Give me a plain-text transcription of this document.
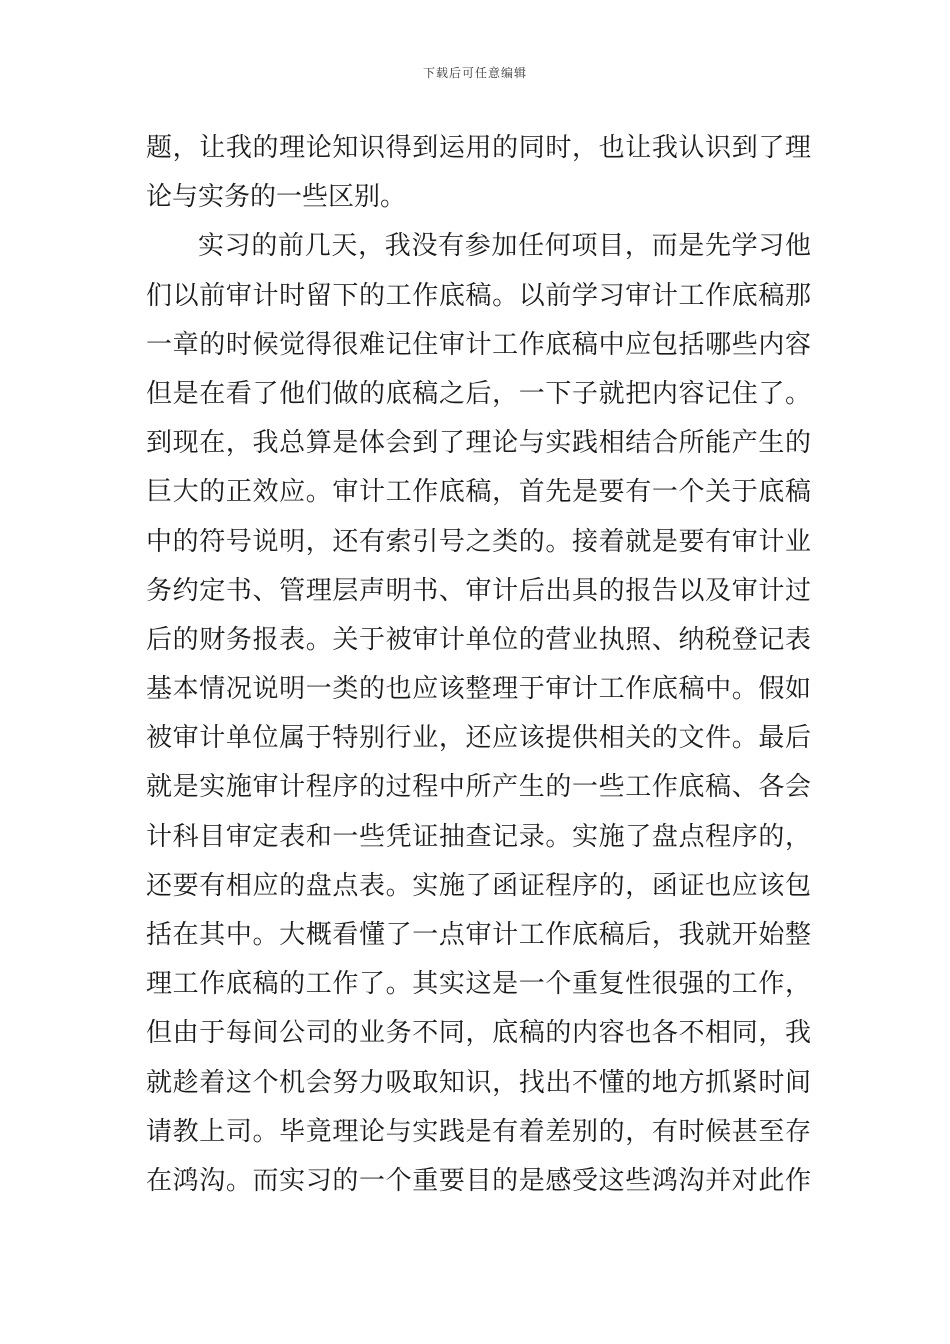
下载后可任意编辑
题，让我的理论知识得到运用的同时，也让我认识到了理
论与实务的一些区别。
实习的前几天，我没有参加任何项目，而是先学习他
们以前审计时留下的工作底稿。以前学习审计工作底稿那
一章的时候觉得很难记住审计工作底稿中应包括哪些内容
但是在看了他们做的底稿之后，一下子就把内容记住了。
到现在，我总算是体会到了理论与实践相结合所能产生的
巨大的正效应。审计工作底稿，首先是要有一个关于底稿
中的符号说明，还有索引号之类的。接着就是要有审计业
务约定书、管理层声明书、审计后出具的报告以及审计过
后的财务报表。关于被审计单位的营业执照、纳税登记表
基本情况说明一类的也应该整理于审计工作底稿中。假如
被审计单位属于特别行业，还应该提供相关的文件。最后
就是实施审计程序的过程中所产生的一些工作底稿、各会
计科目审定表和一些凭证抽查记录。实施了盘点程序的，
还要有相应的盘点表。实施了函证程序的，函证也应该包
括在其中。大概看懂了一点审计工作底稿后，我就开始整
理工作底稿的工作了。其实这是一个重复性很强的工作，
但由于每间公司的业务不同，底稿的内容也各不相同，我
就趁着这个机会努力吸取知识，找出不懂的地方抓紧时间
请教上司。毕竟理论与实践是有着差别的，有时候甚至存
在鸿沟。而实习的一个重要目的是感受这些鸿沟并对此作
